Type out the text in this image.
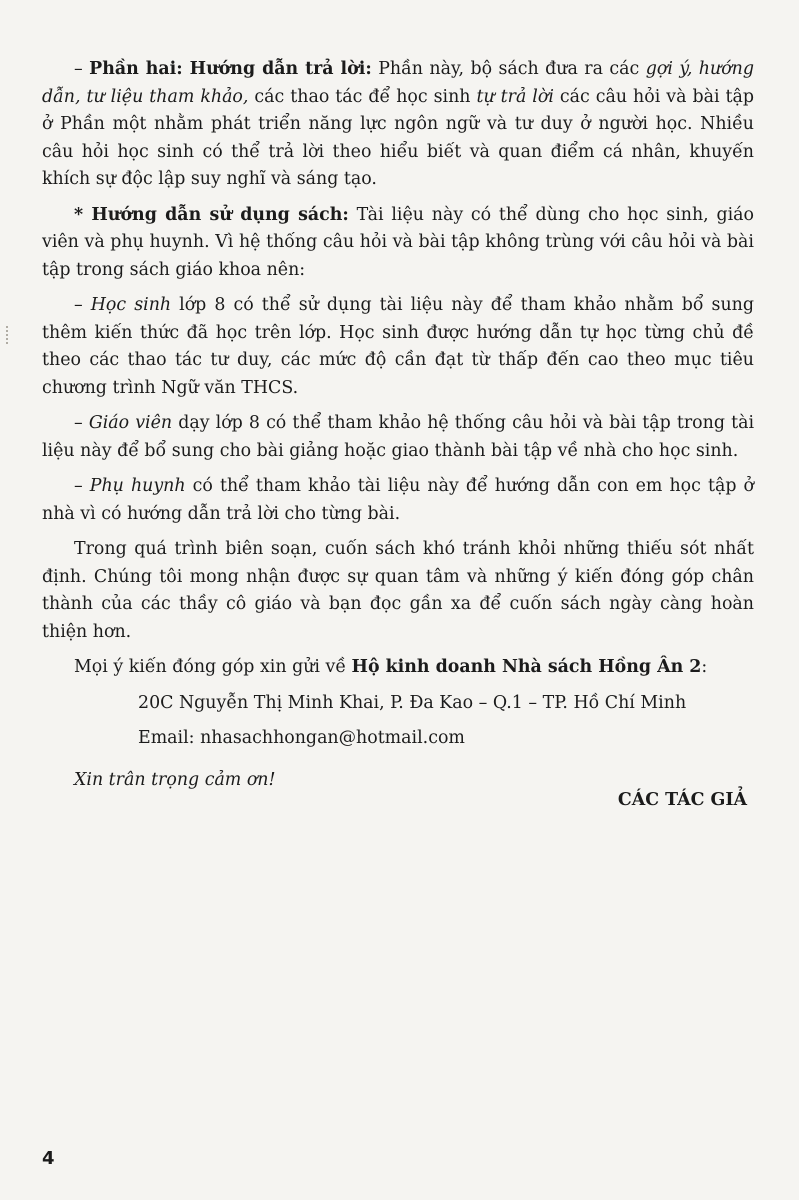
– Phần hai: Hướng dẫn trả lời: Phần này, bộ sách đưa ra các gợi ý, hướng dẫn, tư liệu tham khảo, các thao tác để học sinh tự trả lời các câu hỏi và bài tập ở Phần một nhằm phát triển năng lực ngôn ngữ và tư duy ở người học. Nhiều câu hỏi học sinh có thể trả lời theo hiểu biết và quan điểm cá nhân, khuyến khích sự độc lập suy nghĩ và sáng tạo.

* Hướng dẫn sử dụng sách: Tài liệu này có thể dùng cho học sinh, giáo viên và phụ huynh. Vì hệ thống câu hỏi và bài tập không trùng với câu hỏi và bài tập trong sách giáo khoa nên:

– Học sinh lớp 8 có thể sử dụng tài liệu này để tham khảo nhằm bổ sung thêm kiến thức đã học trên lớp. Học sinh được hướng dẫn tự học từng chủ đề theo các thao tác tư duy, các mức độ cần đạt từ thấp đến cao theo mục tiêu chương trình Ngữ văn THCS.

– Giáo viên dạy lớp 8 có thể tham khảo hệ thống câu hỏi và bài tập trong tài liệu này để bổ sung cho bài giảng hoặc giao thành bài tập về nhà cho học sinh.

– Phụ huynh có thể tham khảo tài liệu này để hướng dẫn con em học tập ở nhà vì có hướng dẫn trả lời cho từng bài.

Trong quá trình biên soạn, cuốn sách khó tránh khỏi những thiếu sót nhất định. Chúng tôi mong nhận được sự quan tâm và những ý kiến đóng góp chân thành của các thầy cô giáo và bạn đọc gần xa để cuốn sách ngày càng hoàn thiện hơn.

Mọi ý kiến đóng góp xin gửi về Hộ kinh doanh Nhà sách Hồng Ân 2:

20C Nguyễn Thị Minh Khai, P. Đa Kao – Q.1 – TP. Hồ Chí Minh
Email: nhasachhongan@hotmail.com

Xin trân trọng cảm ơn!

CÁC TÁC GIẢ
4
